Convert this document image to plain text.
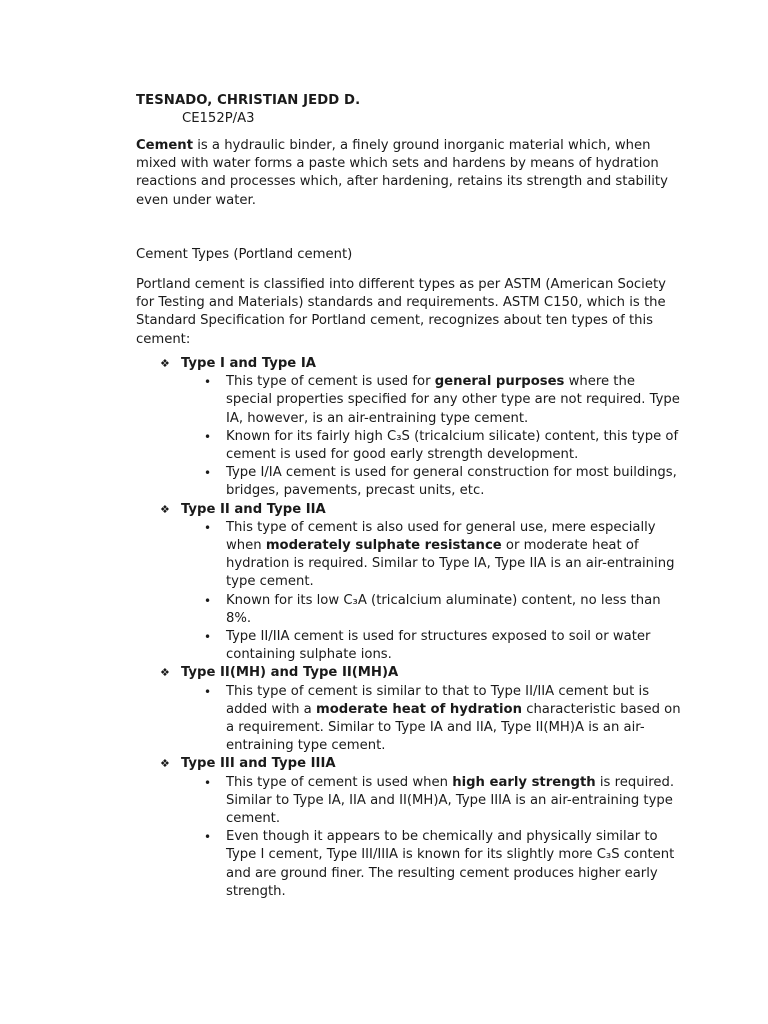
TESNADO, CHRISTIAN JEDD D.
CE152P/A3

Cement is a hydraulic binder, a finely ground inorganic material which, when mixed with water forms a paste which sets and hardens by means of hydration reactions and processes which, after hardening, retains its strength and stability even under water.

Cement Types (Portland cement)

Portland cement is classified into different types as per ASTM (American Society for Testing and Materials) standards and requirements. ASTM C150, which is the Standard Specification for Portland cement, recognizes about ten types of this cement:

❖ Type I and Type IA
• This type of cement is used for general purposes where the special properties specified for any other type are not required. Type IA, however, is an air-entraining type cement.
• Known for its fairly high C₃S (tricalcium silicate) content, this type of cement is used for good early strength development.
• Type I/IA cement is used for general construction for most buildings, bridges, pavements, precast units, etc.
❖ Type II and Type IIA
• This type of cement is also used for general use, mere especially when moderately sulphate resistance or moderate heat of hydration is required. Similar to Type IA, Type IIA is an air-entraining type cement.
• Known for its low C₃A (tricalcium aluminate) content, no less than 8%.
• Type II/IIA cement is used for structures exposed to soil or water containing sulphate ions.
❖ Type II(MH) and Type II(MH)A
• This type of cement is similar to that to Type II/IIA cement but is added with a moderate heat of hydration characteristic based on a requirement. Similar to Type IA and IIA, Type II(MH)A is an air-entraining type cement.
❖ Type III and Type IIIA
• This type of cement is used when high early strength is required. Similar to Type IA, IIA and II(MH)A, Type IIIA is an air-entraining type cement.
• Even though it appears to be chemically and physically similar to Type I cement, Type III/IIIA is known for its slightly more C₃S content and are ground finer. The resulting cement produces higher early strength.
